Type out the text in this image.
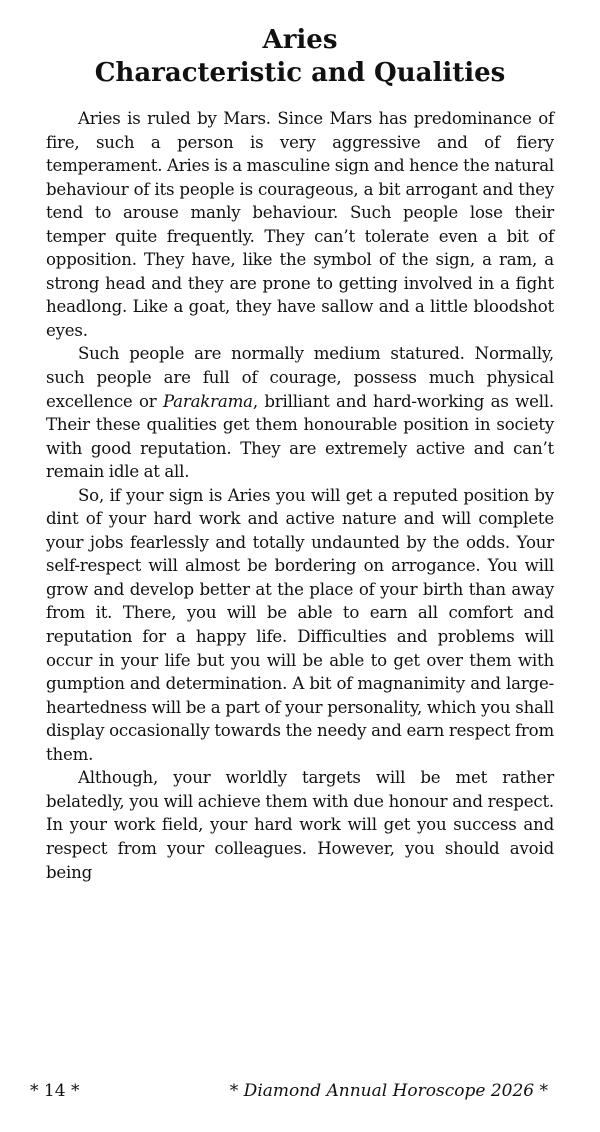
Aries
Characteristic and Qualities

Aries is ruled by Mars. Since Mars has predominance of fire, such a person is very aggressive and of fiery temperament. Aries is a masculine sign and hence the natural behaviour of its people is courageous, a bit arrogant and they tend to arouse manly behaviour. Such people lose their temper quite frequently. They can’t tolerate even a bit of opposition. They have, like the symbol of the sign, a ram, a strong head and they are prone to getting involved in a fight headlong. Like a goat, they have sallow and a little bloodshot eyes.

Such people are normally medium statured. Normally, such people are full of courage, possess much physical excellence or Parakrama, brilliant and hard-working as well. Their these qualities get them honourable position in society with good reputation. They are extremely active and can’t remain idle at all.

So, if your sign is Aries you will get a reputed position by dint of your hard work and active nature and will complete your jobs fearlessly and totally undaunted by the odds. Your self-respect will almost be bordering on arrogance. You will grow and develop better at the place of your birth than away from it. There, you will be able to earn all comfort and reputation for a happy life. Difficulties and problems will occur in your life but you will be able to get over them with gumption and determination. A bit of magnanimity and large-heartedness will be a part of your personality, which you shall display occasionally towards the needy and earn respect from them.

Although, your worldly targets will be met rather belatedly, you will achieve them with due honour and respect. In your work field, your hard work will get you success and respect from your colleagues. However, you should avoid being

* 14 *	* Diamond Annual Horoscope 2026 *
